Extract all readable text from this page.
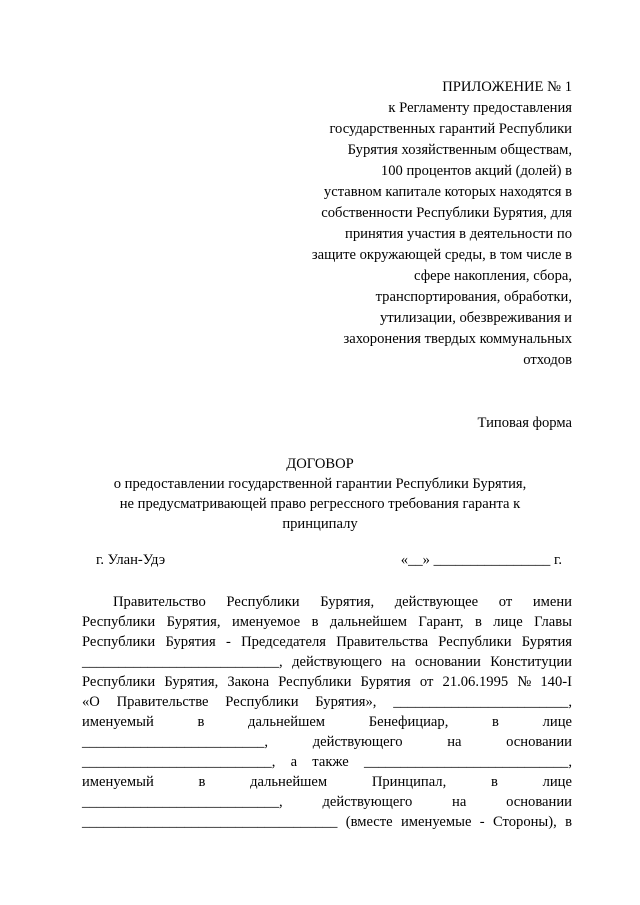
ПРИЛОЖЕНИЕ № 1
к Регламенту предоставления
государственных гарантий Республики
Бурятия хозяйственным обществам,
100 процентов акций (долей) в
уставном капитале которых находятся в
собственности Республики Бурятия, для
принятия участия в деятельности по
защите окружающей среды, в том числе в
сфере накопления, сбора,
транспортирования, обработки,
утилизации, обезвреживания и
захоронения твердых коммунальных
отходов
Типовая форма
ДОГОВОР
о предоставлении государственной гарантии Республики Бурятия,
не предусматривающей право регрессного требования гаранта к
принципалу
г. Улан-Удэ	«__» ________________ г.
Правительство Республики Бурятия, действующее от имени
Республики Бурятия, именуемое в дальнейшем Гарант, в лице Главы
Республики Бурятия - Председателя Правительства Республики Бурятия
___________________________, действующего на основании Конституции
Республики Бурятия, Закона Республики Бурятия от 21.06.1995 № 140-I
«О Правительстве Республики Бурятия», ________________________,
именуемый	в	дальнейшем	Бенефициар,	в	лице
_________________________,	действующего	на	основании
__________________________, а также ____________________________,
именуемый	в	дальнейшем	Принципал,	в	лице
___________________________,	действующего	на	основании
___________________________________ (вместе именуемые - Стороны), в
